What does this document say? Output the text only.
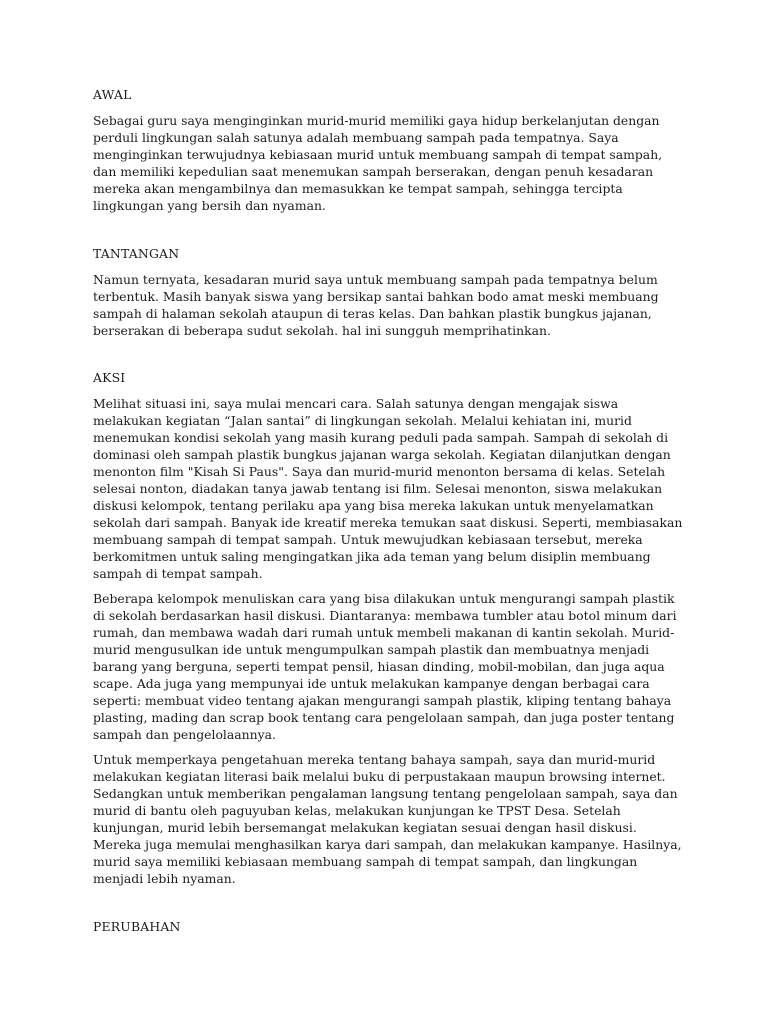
AWAL

Sebagai guru saya menginginkan murid-murid memiliki gaya hidup berkelanjutan dengan perduli lingkungan salah satunya adalah membuang sampah pada tempatnya. Saya menginginkan terwujudnya kebiasaan murid untuk membuang sampah di tempat sampah, dan memiliki kepedulian saat menemukan sampah berserakan, dengan penuh kesadaran mereka akan mengambilnya dan memasukkan ke tempat sampah, sehingga tercipta lingkungan yang bersih dan nyaman.

TANTANGAN

Namun ternyata, kesadaran murid saya untuk membuang sampah pada tempatnya belum terbentuk. Masih banyak siswa yang bersikap santai bahkan bodo amat meski membuang sampah di halaman sekolah ataupun di teras kelas. Dan bahkan plastik bungkus jajanan, berserakan di beberapa sudut sekolah. hal ini sungguh memprihatinkan.

AKSI

Melihat situasi ini, saya mulai mencari cara. Salah satunya dengan mengajak siswa melakukan kegiatan “Jalan santai” di lingkungan sekolah. Melalui kehiatan ini, murid menemukan kondisi sekolah yang masih kurang peduli pada sampah. Sampah di sekolah di dominasi oleh sampah plastik bungkus jajanan warga sekolah. Kegiatan dilanjutkan dengan menonton film "Kisah Si Paus". Saya dan murid-murid menonton bersama di kelas. Setelah selesai nonton, diadakan tanya jawab tentang isi film. Selesai menonton, siswa melakukan diskusi kelompok, tentang perilaku apa yang bisa mereka lakukan untuk menyelamatkan sekolah dari sampah. Banyak ide kreatif mereka temukan saat diskusi. Seperti, membiasakan membuang sampah di tempat sampah. Untuk mewujudkan kebiasaan tersebut, mereka berkomitmen untuk saling mengingatkan jika ada teman yang belum disiplin membuang sampah di tempat sampah.

Beberapa kelompok menuliskan cara yang bisa dilakukan untuk mengurangi sampah plastik di sekolah berdasarkan hasil diskusi. Diantaranya: membawa tumbler atau botol minum dari rumah, dan membawa wadah dari rumah untuk membeli makanan di kantin sekolah. Murid-murid mengusulkan ide untuk mengumpulkan sampah plastik dan membuatnya menjadi barang yang berguna, seperti tempat pensil, hiasan dinding, mobil-mobilan, dan juga aqua scape. Ada juga yang mempunyai ide untuk melakukan kampanye dengan berbagai cara seperti: membuat video tentang ajakan mengurangi sampah plastik, kliping tentang bahaya plasting, mading dan scrap book tentang cara pengelolaan sampah, dan juga poster tentang sampah dan pengelolaannya.

Untuk memperkaya pengetahuan mereka tentang bahaya sampah, saya dan murid-murid melakukan kegiatan literasi baik melalui buku di perpustakaan maupun browsing internet. Sedangkan untuk memberikan pengalaman langsung tentang pengelolaan sampah, saya dan murid di bantu oleh paguyuban kelas, melakukan kunjungan ke TPST Desa. Setelah kunjungan, murid lebih bersemangat melakukan kegiatan sesuai dengan hasil diskusi. Mereka juga memulai menghasilkan karya dari sampah, dan melakukan kampanye. Hasilnya, murid saya memiliki kebiasaan membuang sampah di tempat sampah, dan lingkungan menjadi lebih nyaman.

PERUBAHAN
